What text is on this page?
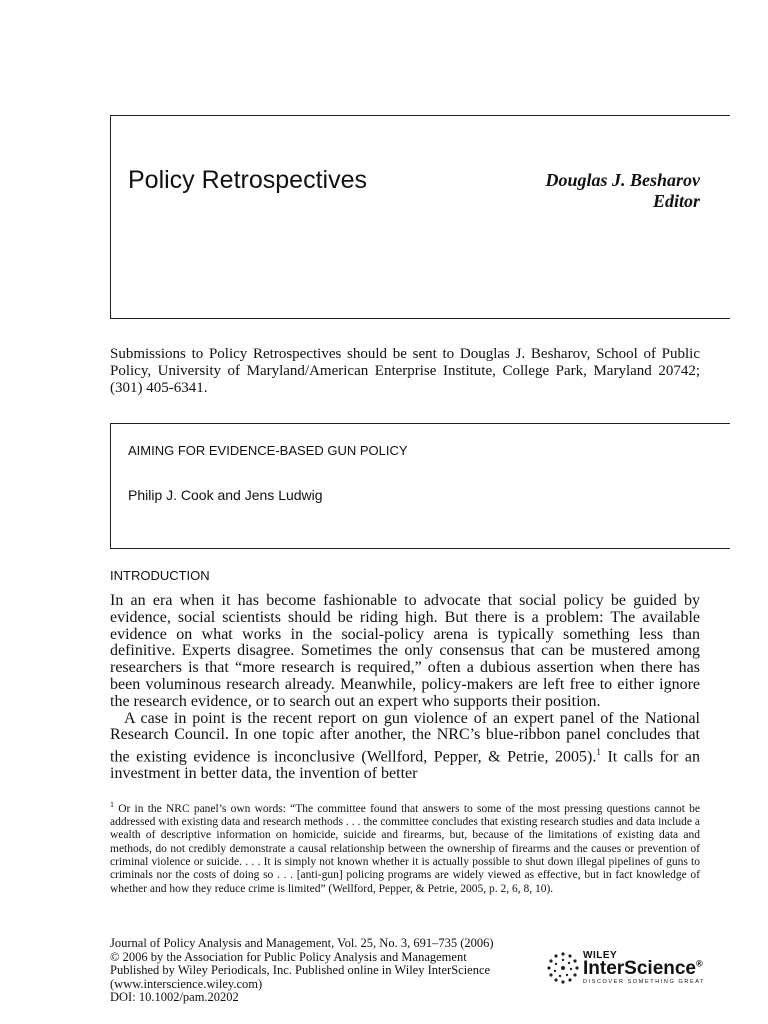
Policy Retrospectives	Douglas J. Besharov
Editor
Submissions to Policy Retrospectives should be sent to Douglas J. Besharov, School of Public Policy, University of Maryland/American Enterprise Institute, College Park, Maryland 20742; (301) 405-6341.
AIMING FOR EVIDENCE-BASED GUN POLICY
Philip J. Cook and Jens Ludwig
INTRODUCTION

In an era when it has become fashionable to advocate that social policy be guided by evidence, social scientists should be riding high. But there is a problem: The available evidence on what works in the social-policy arena is typically something less than definitive. Experts disagree. Sometimes the only consensus that can be mustered among researchers is that “more research is required,” often a dubious assertion when there has been voluminous research already. Meanwhile, policy-makers are left free to either ignore the research evidence, or to search out an expert who supports their position.

A case in point is the recent report on gun violence of an expert panel of the National Research Council. In one topic after another, the NRC’s blue-ribbon panel concludes that the existing evidence is inconclusive (Wellford, Pepper, & Petrie, 2005).$^1$ It calls for an investment in better data, the invention of better

$^1$ Or in the NRC panel’s own words: “The committee found that answers to some of the most pressing questions cannot be addressed with existing data and research methods . . . the committee concludes that existing research studies and data include a wealth of descriptive information on homicide, suicide and firearms, but, because of the limitations of existing data and methods, do not credibly demonstrate a causal relationship between the ownership of firearms and the causes or prevention of criminal violence or suicide. . . . It is simply not known whether it is actually possible to shut down illegal pipelines of guns to criminals nor the costs of doing so . . . [anti-gun] policing programs are widely viewed as effective, but in fact knowledge of whether and how they reduce crime is limited” (Wellford, Pepper, & Petrie, 2005, p. 2, 6, 8, 10).
Journal of Policy Analysis and Management, Vol. 25, No. 3, 691–735 (2006)
© 2006 by the Association for Public Policy Analysis and Management
Published by Wiley Periodicals, Inc. Published online in Wiley InterScience
(www.interscience.wiley.com)
DOI: 10.1002/pam.20202
WILEY
InterScience®
DISCOVER SOMETHING GREAT
